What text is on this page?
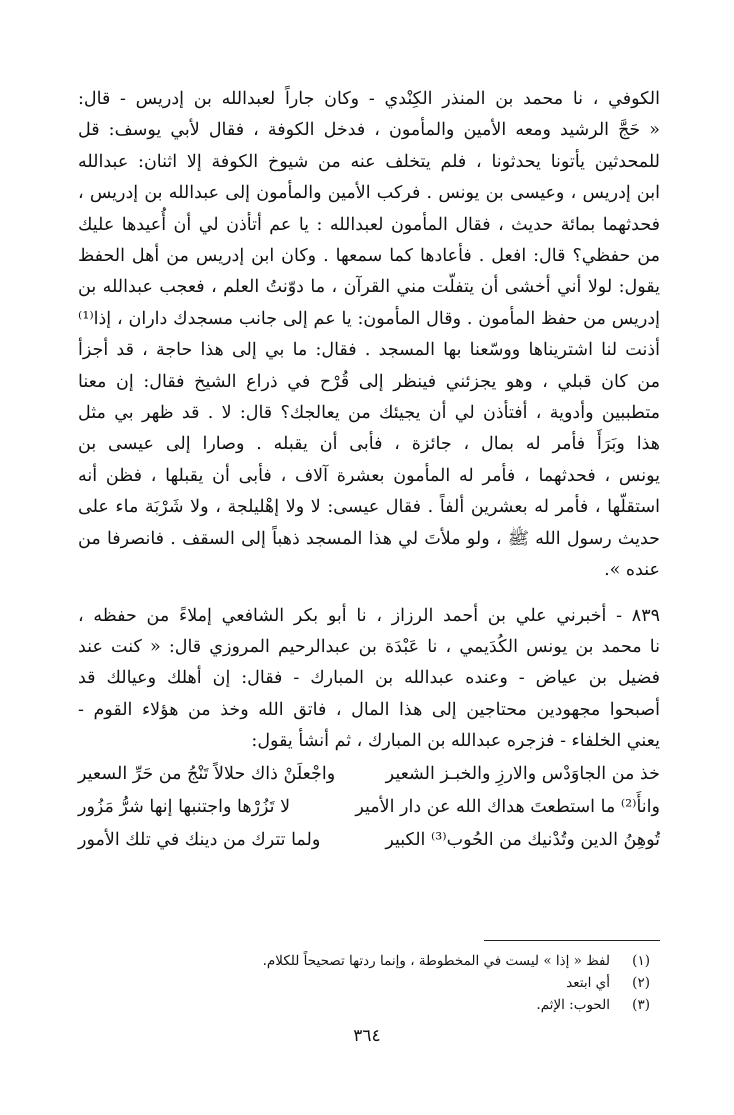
الكوفي ، نا محمد بن المنذر الكِنْدي - وكان جاراً لعبدالله بن إدريس - قال:
« حَجَّ الرشيد ومعه الأمين والمأمون ، فدخل الكوفة ، فقال لأبي يوسف: قل
للمحدثين يأتونا يحدثونا ، فلم يتخلف عنه من شيوخ الكوفة إلا اثنان: عبدالله
ابن إدريس ، وعيسى بن يونس . فركب الأمين والمأمون إلى عبدالله بن إدريس ،
فحدثهما بمائة حديث ، فقال المأمون لعبدالله : يا عم أتأذن لي أن أُعيدها عليك
من حفظي؟ قال: افعل . فأعادها كما سمعها . وكان ابن إدريس من أهل الحفظ
يقول: لولا أني أخشى أن يتفلّت مني القرآن ، ما دوّنتُ العلم ، فعجب عبدالله بن
إدريس من حفظ المأمون . وقال المأمون: يا عم إلى جانب مسجدك داران ، إذا⁽¹⁾
أذنت لنا اشتريناها ووسّعنا بها المسجد . فقال: ما بي إلى هذا حاجة ، قد أجزأ
من كان قبلي ، وهو يجزئني فينظر إلى قُرْح في ذراع الشيخ فقال: إن معنا
متطببين وأدوية ، أفتأذن لي أن يجيئك من يعالجك؟ قال: لا . قد ظهر بي مثل
هذا وبَرَأَ فأمر له بمال ، جائزة ، فأبى أن يقبله . وصارا إلى عيسى بن
يونس ، فحدثهما ، فأمر له المأمون بعشرة آلاف ، فأبى أن يقبلها ، فظن أنه
استقلّها ، فأمر له بعشرين ألفاً . فقال عيسى: لا ولا إهْليلجة ، ولا شَرْبَة ماء على
حديث رسول الله ﷺ ، ولو ملأتَ لي هذا المسجد ذهباً إلى السقف . فانصرفا من
عنده ».
٨٣٩ - أخبرني علي بن أحمد الرزاز ، نا أبو بكر الشافعي إملاءً من حفظه ،
نا محمد بن يونس الكُدَيمي ، نا عَبْدَة بن عبدالرحيم المروزي قال: « كنت عند
فضيل بن عياض - وعنده عبدالله بن المبارك - فقال: إن أهلك وعيالك قد
أصبحوا مجهودين محتاجين إلى هذا المال ، فاتق الله وخذ من هؤلاء القوم -
يعني الخلفاء - فزجره عبدالله بن المبارك ، ثم أنشأ يقول:
خذ من الجاوَدْس والارزِ والخبـز الشعير
واجْعلَنْ ذاك حلالاً تَنْجُ من حَرِّ السعير
وانأَ⁽²⁾ ما استطعتَ هداك الله عن دار الأمير
لا تَزُرْها واجتنبها إنها شرُّ مَزُور
تُوهِنُ الدين وتُدْنيك من الحُوب⁽³⁾ الكبير
ولما تترك من دينك في تلك الأمور
(١)
لفظ « إذا » ليست في المخطوطة ، وإنما ردتها تصحيحاً للكلام.
(٢)
أي ابتعد
(٣)
الحوب: الإثم.
٣٦٤
